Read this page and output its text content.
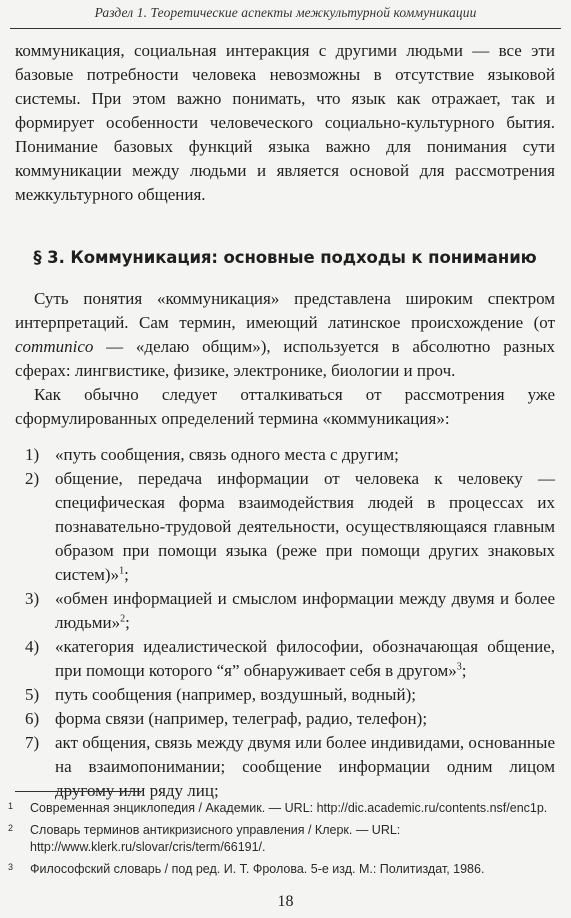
Раздел 1. Теоретические аспекты межкультурной коммуникации

коммуникация, социальная интеракция с другими людьми — все эти базовые потребности человека невозможны в отсутствие языковой системы. При этом важно понимать, что язык как отражает, так и формирует особенности человеческого социально-культурного бытия. Понимание базовых функций языка важно для понимания сути коммуникации между людьми и является основой для рассмотрения межкультурного общения.

§ 3. Коммуникация: основные подходы к пониманию

Суть понятия «коммуникация» представлена широким спектром интерпретаций. Сам термин, имеющий латинское происхождение (от communico — «делаю общим»), используется в абсолютно разных сферах: лингвистике, физике, электронике, биологии и проч.

Как обычно следует отталкиваться от рассмотрения уже сформулированных определений термина «коммуникация»:

1) «путь сообщения, связь одного места с другим;
2) общение, передача информации от человека к человеку — специфическая форма взаимодействия людей в процессах их познавательно-трудовой деятельности, осуществляющаяся главным образом при помощи языка (реже при помощи других знаковых систем)»$^1$;
3) «обмен информацией и смыслом информации между двумя и более людьми»$^2$;
4) «категория идеалистической философии, обозначающая общение, при помощи которого “я” обнаруживает себя в другом»$^3$;
5) путь сообщения (например, воздушный, водный);
6) форма связи (например, телеграф, радио, телефон);
7) акт общения, связь между двумя или более индивидами, основанные на взаимопонимании; сообщение информации одним лицом другому или ряду лиц;
1 Современная энциклопедия / Академик. — URL: http://dic.academic.ru/contents.nsf/enc1p.
2 Словарь терминов антикризисного управления / Клерк. — URL: http://www.klerk.ru/slovar/cris/term/66191/.
3 Философский словарь / под ред. И. Т. Фролова. 5-е изд. М.: Политиздат, 1986.
18
